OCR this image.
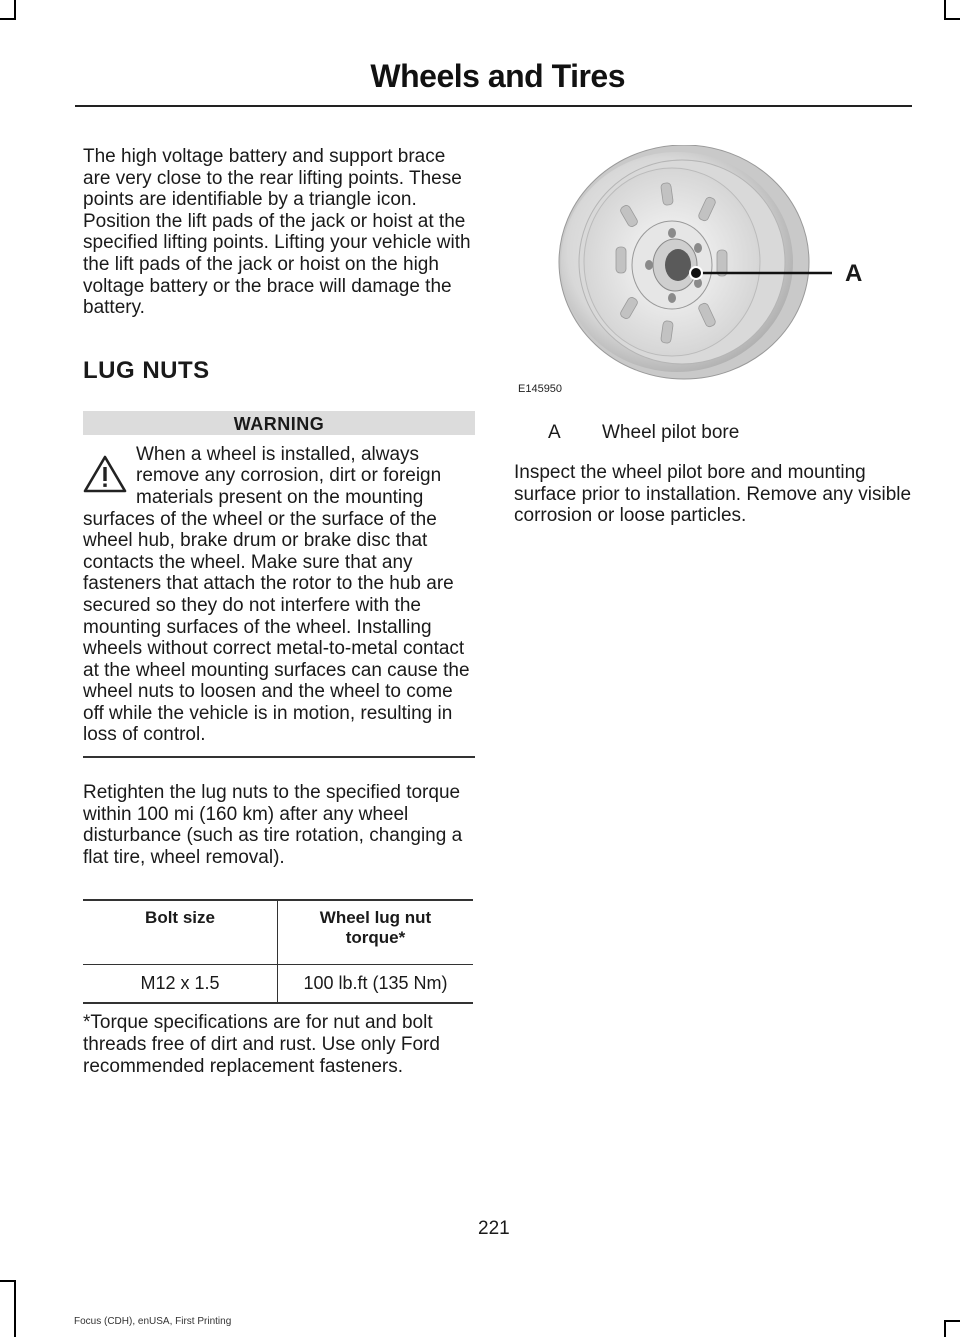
Wheels and Tires

The high voltage battery and support brace are very close to the rear lifting points. These points are identifiable by a triangle icon. Position the lift pads of the jack or hoist at the specified lifting points. Lifting your vehicle with the lift pads of the jack or hoist on the high voltage battery or the brace will damage the battery.

LUG NUTS
WARNING

When a wheel is installed, always remove any corrosion, dirt or foreign materials present on the mounting surfaces of the wheel or the surface of the wheel hub, brake drum or brake disc that contacts the wheel. Make sure that any fasteners that attach the rotor to the hub are secured so they do not interfere with the mounting surfaces of the wheel. Installing wheels without correct metal-to-metal contact at the wheel mounting surfaces can cause the wheel nuts to loosen and the wheel to come off while the vehicle is in motion, resulting in loss of control.

Retighten the lug nuts to the specified torque within 100 mi (160 km) after any wheel disturbance (such as tire rotation, changing a flat tire, wheel removal).

Bolt size	Wheel lug nut torque*
M12 x 1.5	100 lb.ft (135 Nm)

*Torque specifications are for nut and bolt threads free of dirt and rust. Use only Ford recommended replacement fasteners.

A
E145950
A Wheel pilot bore

Inspect the wheel pilot bore and mounting surface prior to installation. Remove any visible corrosion or loose particles.

221
Focus (CDH), enUSA, First Printing
